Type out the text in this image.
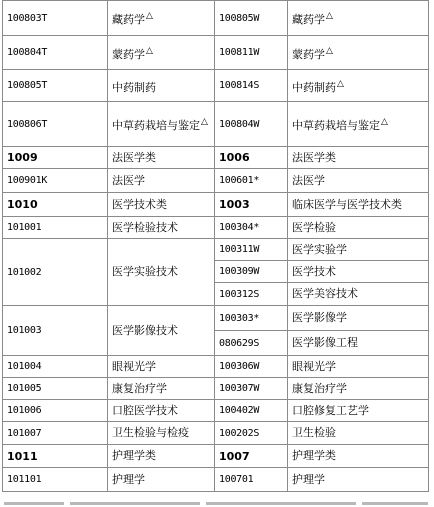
100803T	藏药学△	100805W	藏药学△
100804T	蒙药学△	100811W	蒙药学△
100805T	中药制药	100814S	中药制药△
100806T	中草药栽培与鉴定△	100804W	中草药栽培与鉴定△
1009	法医学类	1006	法医学类
100901K	法医学	100601*	法医学
1010	医学技术类	1003	临床医学与医学技术类
101001	医学检验技术	100304*	医学检验
101002	医学实验技术	100311W	医学实验学
		100309W	医学技术
		100312S	医学美容技术
101003	医学影像技术	100303*	医学影像学
		080629S	医学影像工程
101004	眼视光学	100306W	眼视光学
101005	康复治疗学	100307W	康复治疗学
101006	口腔医学技术	100402W	口腔修复工艺学
101007	卫生检验与检疫	100202S	卫生检验
1011	护理学类	1007	护理学类
101101	护理学	100701	护理学
